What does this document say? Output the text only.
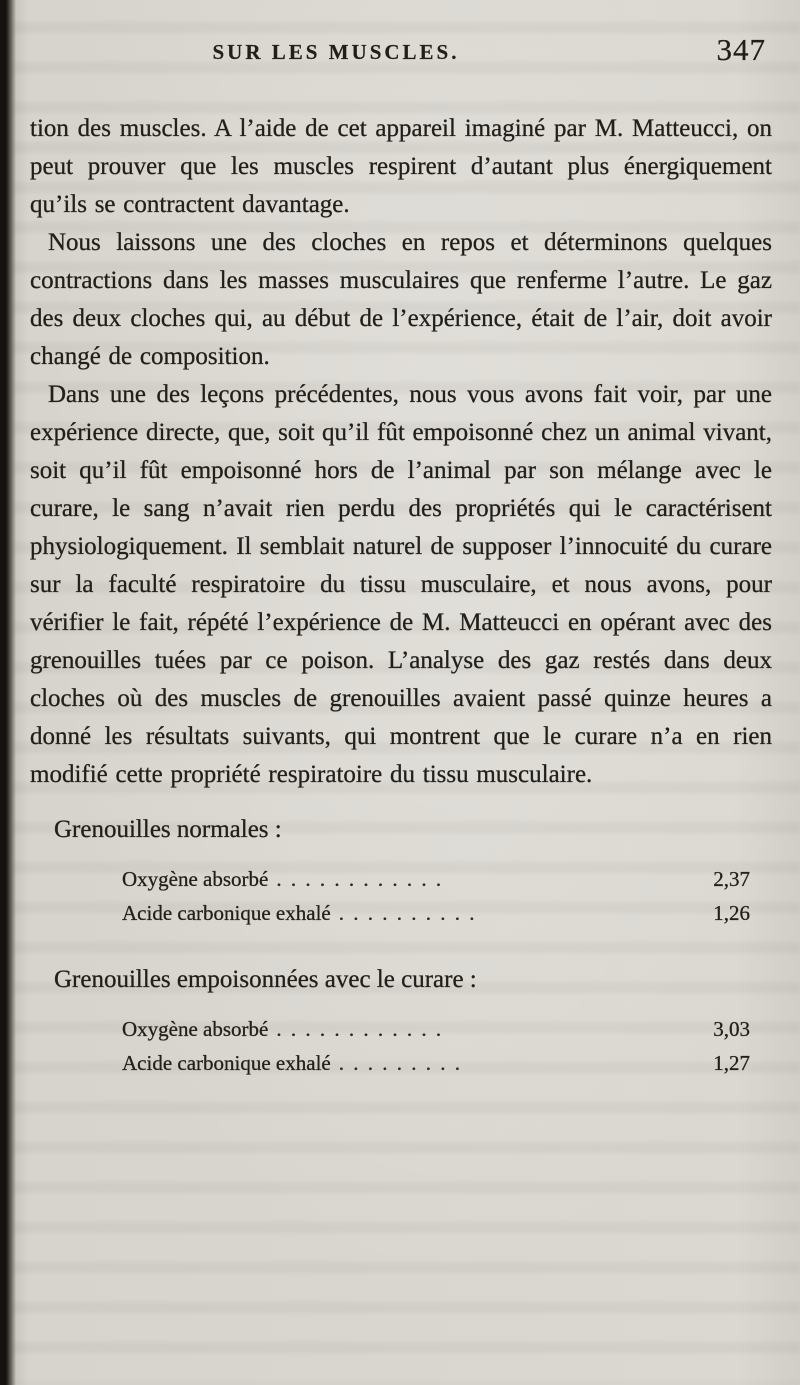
SUR LES MUSCLES.	347

tion des muscles. A l’aide de cet appareil imaginé par M. Matteucci, on peut prouver que les muscles respirent d’autant plus énergiquement qu’ils se contractent davantage.

Nous laissons une des cloches en repos et déterminons quelques contractions dans les masses musculaires que renferme l’autre. Le gaz des deux cloches qui, au début de l’expérience, était de l’air, doit avoir changé de composition.

Dans une des leçons précédentes, nous vous avons fait voir, par une expérience directe, que, soit qu’il fût empoisonné chez un animal vivant, soit qu’il fût empoisonné hors de l’animal par son mélange avec le curare, le sang n’avait rien perdu des propriétés qui le caractérisent physiologiquement. Il semblait naturel de supposer l’innocuité du curare sur la faculté respiratoire du tissu musculaire, et nous avons, pour vérifier le fait, répété l’expérience de M. Matteucci en opérant avec des grenouilles tuées par ce poison. L’analyse des gaz restés dans deux cloches où des muscles de grenouilles avaient passé quinze heures a donné les résultats suivants, qui montrent que le curare n’a en rien modifié cette propriété respiratoire du tissu musculaire.

Grenouilles normales :
Oxygène absorbé . . . . . . . . . . . .	2,37
Acide carbonique exhalé . . . . . . . . . .	1,26
Grenouilles empoisonnées avec le curare :
Oxygène absorbé . . . . . . . . . . . .	3,03
Acide carbonique exhalé . . . . . . . . .	1,27
